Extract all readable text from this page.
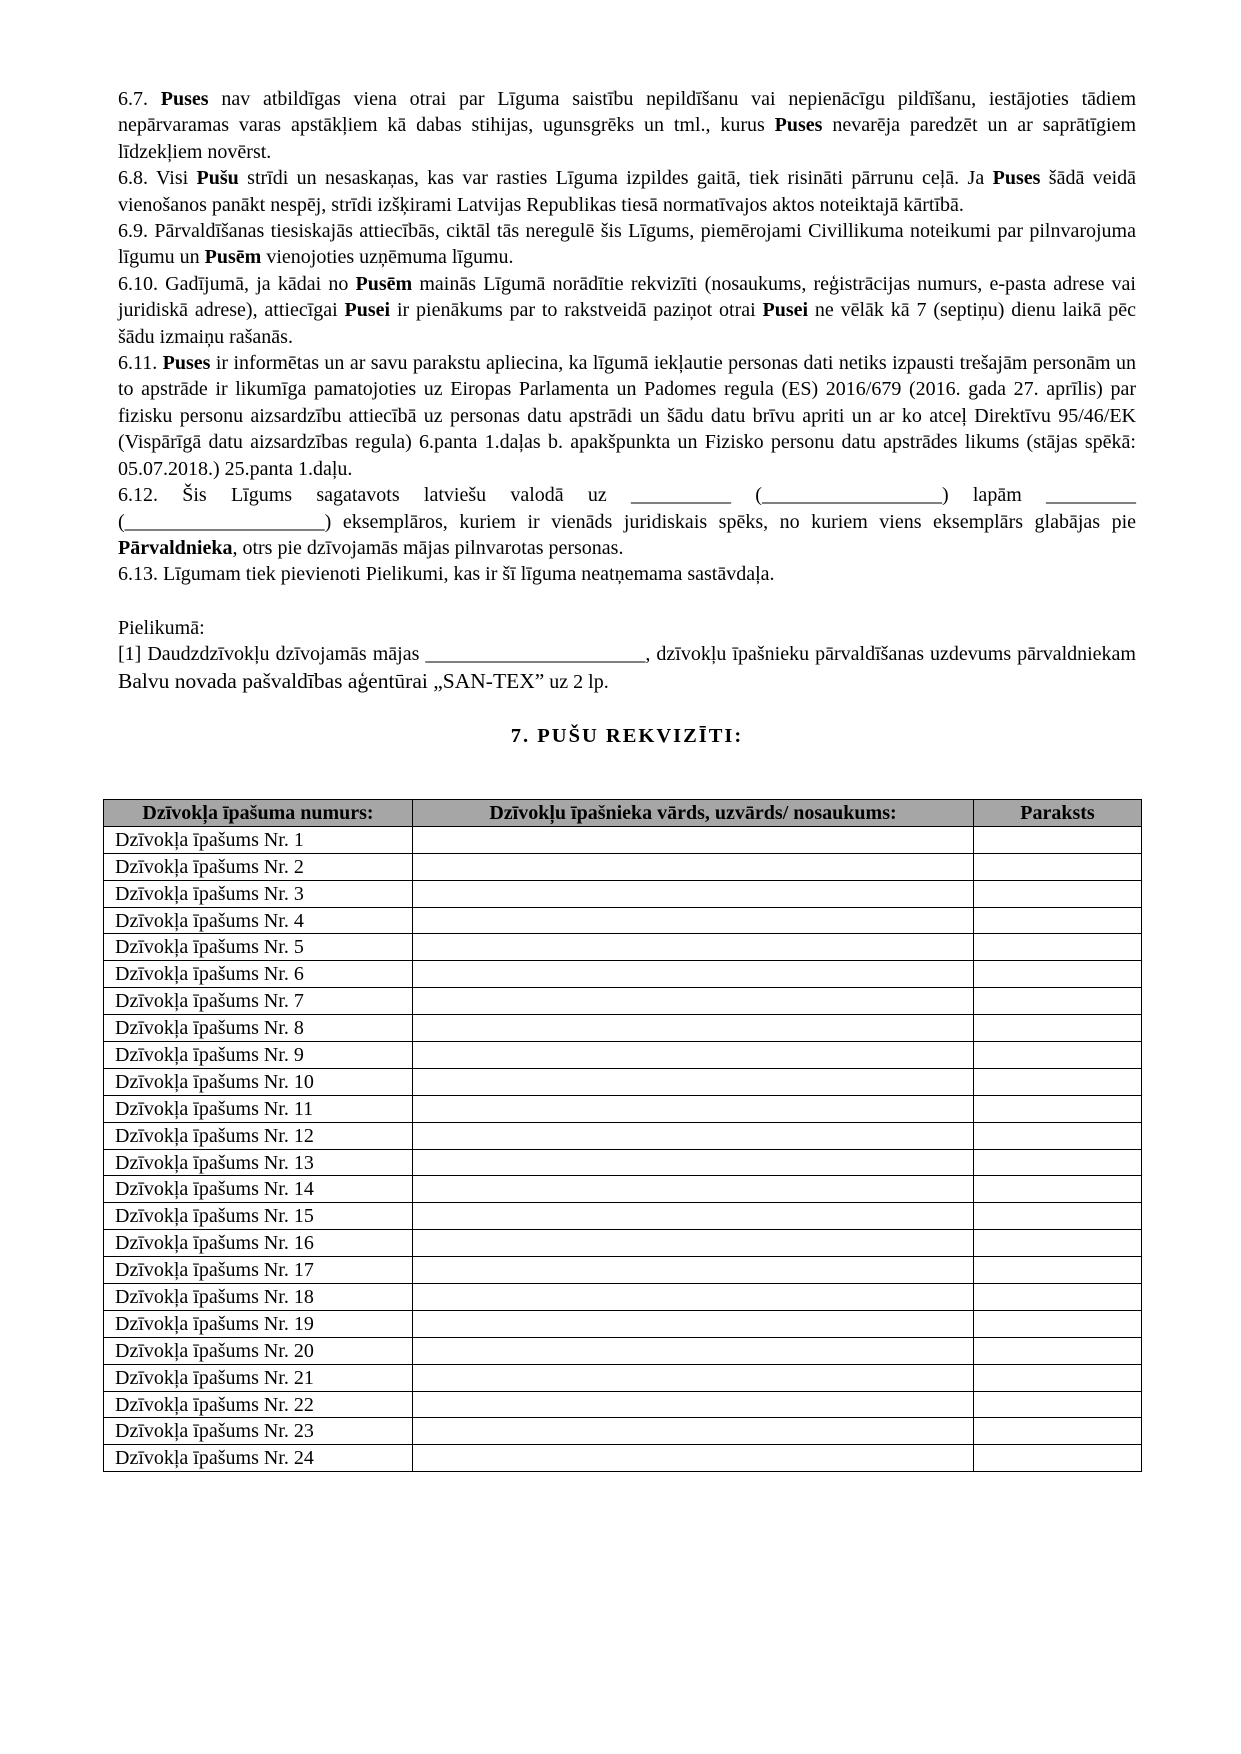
6.7. Puses nav atbildīgas viena otrai par Līguma saistību nepildīšanu vai nepienācīgu pildīšanu, iestājoties tādiem nepārvaramas varas apstākļiem kā dabas stihijas, ugunsgrēks un tml., kurus Puses nevarēja paredzēt un ar saprātīgiem līdzekļiem novērst.

6.8. Visi Pušu strīdi un nesaskaņas, kas var rasties Līguma izpildes gaitā, tiek risināti pārrunu ceļā. Ja Puses šādā veidā vienošanos panākt nespēj, strīdi izšķirami Latvijas Republikas tiesā normatīvajos aktos noteiktajā kārtībā.

6.9. Pārvaldīšanas tiesiskajās attiecībās, ciktāl tās neregulē šis Līgums, piemērojami Civillikuma noteikumi par pilnvarojuma līgumu un Pusēm vienojoties uzņēmuma līgumu.

6.10. Gadījumā, ja kādai no Pusēm mainās Līgumā norādītie rekvizīti (nosaukums, reģistrācijas numurs, e-pasta adrese vai juridiskā adrese), attiecīgai Pusei ir pienākums par to rakstveidā paziņot otrai Pusei ne vēlāk kā 7 (septiņu) dienu laikā pēc šādu izmaiņu rašanās.

6.11. Puses ir informētas un ar savu parakstu apliecina, ka līgumā iekļautie personas dati netiks izpausti trešajām personām un to apstrāde ir likumīga pamatojoties uz Eiropas Parlamenta un Padomes regula (ES) 2016/679 (2016. gada 27. aprīlis) par fizisku personu aizsardzību attiecībā uz personas datu apstrādi un šādu datu brīvu apriti un ar ko atceļ Direktīvu 95/46/EK (Vispārīgā datu aizsardzības regula) 6.panta 1.daļas b. apakšpunkta un Fizisko personu datu apstrādes likums (stājas spēkā: 05.07.2018.) 25.panta 1.daļu.

6.12. Šis Līgums sagatavots latviešu valodā uz __________ (__________________) lapām _________ (____________________) eksemplāros, kuriem ir vienāds juridiskais spēks, no kuriem viens eksemplārs glabājas pie Pārvaldnieka, otrs pie dzīvojamās mājas pilnvarotas personas.

6.13. Līgumam tiek pievienoti Pielikumi, kas ir šī līguma neatņemama sastāvdaļa.

Pielikumā:

[1] Daudzdzīvokļu dzīvojamās mājas ______________________, dzīvokļu īpašnieku pārvaldīšanas uzdevums pārvaldniekam Balvu novada pašvaldības aģentūrai „SAN-TEX” uz 2 lp.

7. PUŠU REKVIZĪTI:

Dzīvokļa īpašuma numurs:	Dzīvokļu īpašnieka vārds, uzvārds/ nosaukums:	Paraksts
Dzīvokļa īpašums Nr. 1		
Dzīvokļa īpašums Nr. 2		
Dzīvokļa īpašums Nr. 3		
Dzīvokļa īpašums Nr. 4		
Dzīvokļa īpašums Nr. 5		
Dzīvokļa īpašums Nr. 6		
Dzīvokļa īpašums Nr. 7		
Dzīvokļa īpašums Nr. 8		
Dzīvokļa īpašums Nr. 9		
Dzīvokļa īpašums Nr. 10		
Dzīvokļa īpašums Nr. 11		
Dzīvokļa īpašums Nr. 12		
Dzīvokļa īpašums Nr. 13		
Dzīvokļa īpašums Nr. 14		
Dzīvokļa īpašums Nr. 15		
Dzīvokļa īpašums Nr. 16		
Dzīvokļa īpašums Nr. 17		
Dzīvokļa īpašums Nr. 18		
Dzīvokļa īpašums Nr. 19		
Dzīvokļa īpašums Nr. 20		
Dzīvokļa īpašums Nr. 21		
Dzīvokļa īpašums Nr. 22		
Dzīvokļa īpašums Nr. 23		
Dzīvokļa īpašums Nr. 24		
